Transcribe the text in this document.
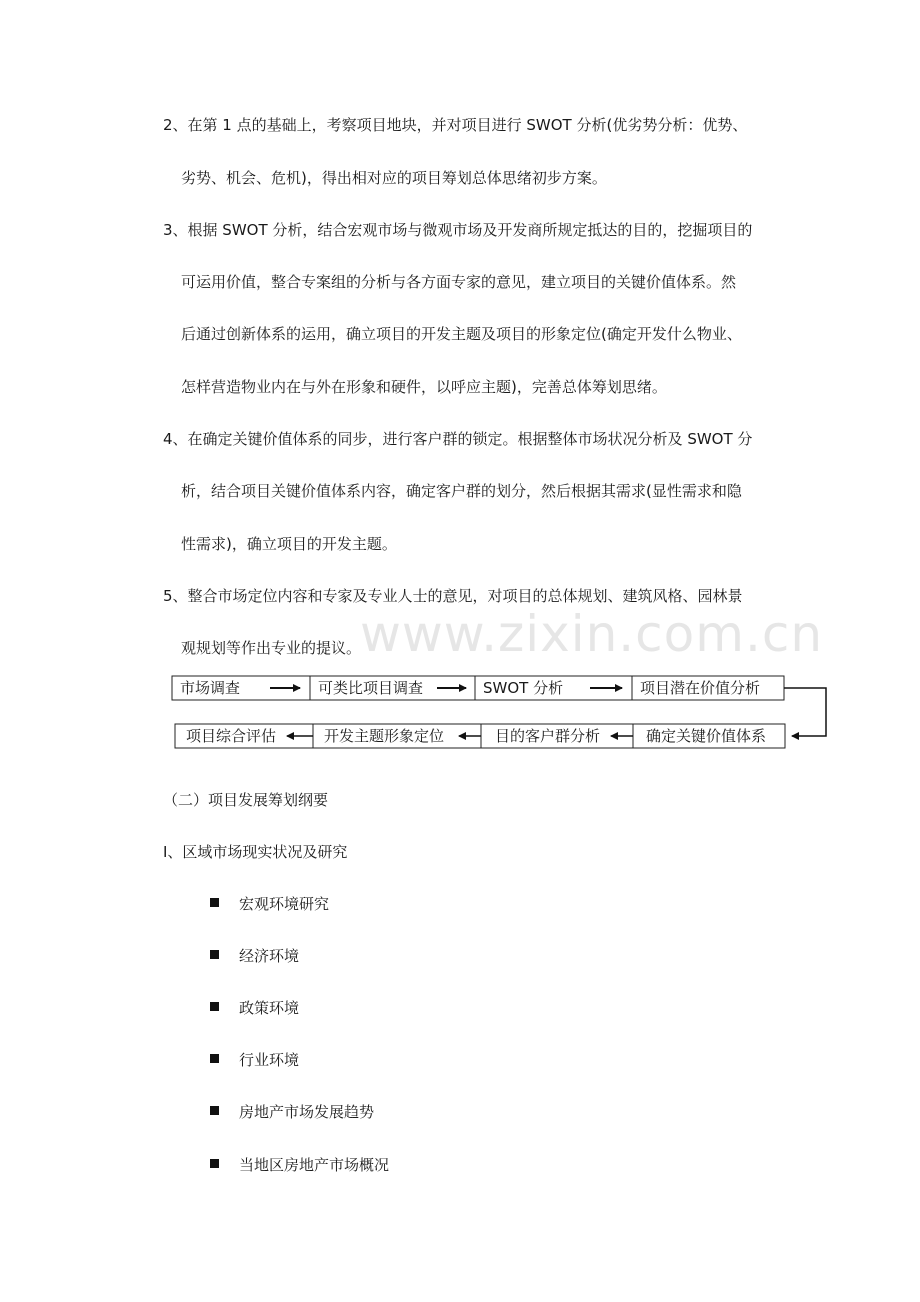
www.zixin.com.cn
2、在第 1 点的基础上，考察项目地块，并对项目进行 SWOT 分析(优劣势分析：优势、
劣势、机会、危机)，得出相对应的项目筹划总体思绪初步方案。
3、根据 SWOT 分析，结合宏观市场与微观市场及开发商所规定抵达的目的，挖掘项目的
可运用价值，整合专案组的分析与各方面专家的意见，建立项目的关键价值体系。然
后通过创新体系的运用，确立项目的开发主题及项目的形象定位(确定开发什么物业、
怎样营造物业内在与外在形象和硬件，以呼应主题)，完善总体筹划思绪。
4、在确定关键价值体系的同步，进行客户群的锁定。根据整体市场状况分析及 SWOT 分
析，结合项目关键价值体系内容，确定客户群的划分，然后根据其需求(显性需求和隐
性需求)，确立项目的开发主题。
5、整合市场定位内容和专家及专业人士的意见，对项目的总体规划、建筑风格、园林景
观规划等作出专业的提议。
市场调查	可类比项目调查	SWOT 分析	项目潜在价值分析
项目综合评估	开发主题形象定位	目的客户群分析	确定关键价值体系
（二）项目发展筹划纲要
Ⅰ、区域市场现实状况及研究
宏观环境研究
经济环境
政策环境
行业环境
房地产市场发展趋势
当地区房地产市场概况
